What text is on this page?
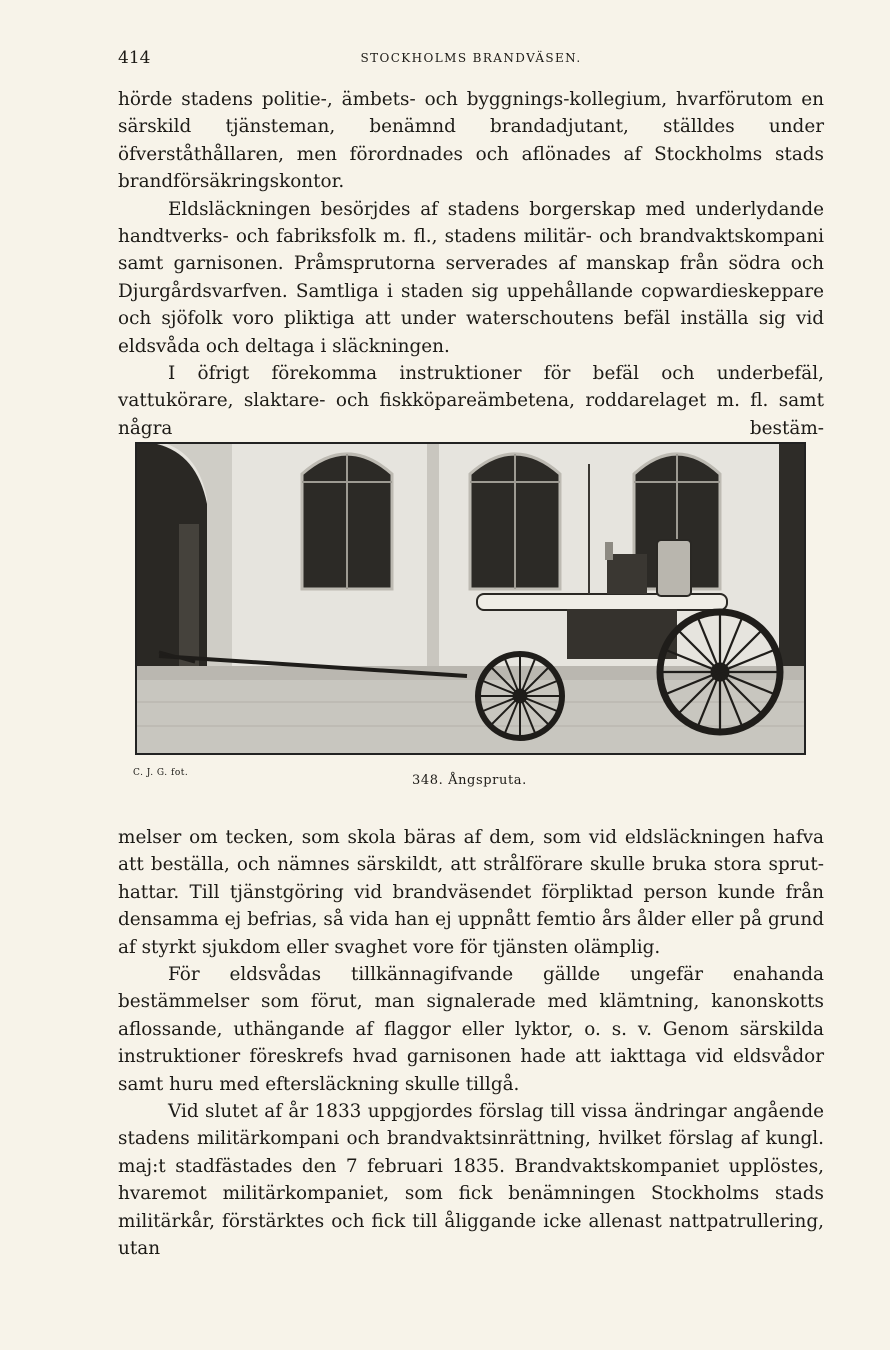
414	STOCKHOLMS BRANDVÄSEN.

hörde stadens politie-, ämbets- och byggnings-kollegium, hvarförutom en särskild tjänsteman, benämnd brandadjutant, ställdes under öfverståthållaren, men förordnades och aflönades af Stockholms stads brandförsäkringskontor.

Eldsläckningen besörjdes af stadens borgerskap med underlydande handtverks- och fabriksfolk m. fl., stadens militär- och brandvaktskompani samt garnisonen. Pråmsprutorna serverades af manskap från södra och Djurgårdsvarfven. Samtliga i staden sig uppehållande copwardieskeppare och sjöfolk voro pliktiga att under waterschoutens befäl inställa sig vid eldsvåda och deltaga i släckningen.

I öfrigt förekomma instruktioner för befäl och underbefäl, vattukörare, slaktare- och fiskköpareämbetena, roddarelaget m. fl. samt några bestäm-

C. J. G. fot.	348. Ångspruta.

melser om tecken, som skola bäras af dem, som vid eldsläckningen hafva att beställa, och nämnes särskildt, att strålförare skulle bruka stora sprut-hattar. Till tjänstgöring vid brandväsendet förpliktad person kunde från densamma ej befrias, så vida han ej uppnått femtio års ålder eller på grund af styrkt sjukdom eller svaghet vore för tjänsten olämplig.

För eldsvådas tillkännagifvande gällde ungefär enahanda bestämmelser som förut, man signalerade med klämtning, kanonskotts aflossande, uthängande af flaggor eller lyktor, o. s. v. Genom särskilda instruktioner föreskrefs hvad garnisonen hade att iakttaga vid eldsvådor samt huru med eftersläckning skulle tillgå.

Vid slutet af år 1833 uppgjordes förslag till vissa ändringar angående stadens militärkompani och brandvaktsinrättning, hvilket förslag af kungl. maj:t stadfästades den 7 februari 1835. Brandvaktskompaniet upplöstes, hvaremot militärkompaniet, som fick benämningen Stockholms stads militärkår, förstärktes och fick till åliggande icke allenast nattpatrullering, utan
